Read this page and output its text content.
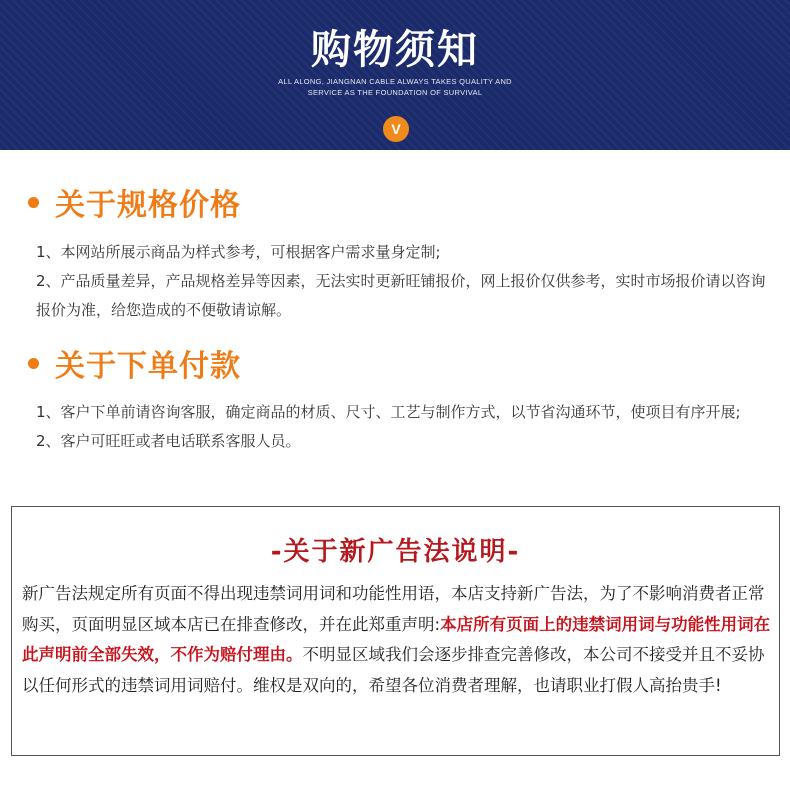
购物须知
ALL ALONG, JIANGNAN CABLE ALWAYS TAKES QUALITY AND
SERVICE AS THE FOUNDATION OF SURVIVAL
V
关于规格价格
1、本网站所展示商品为样式参考，可根据客户需求量身定制;
2、产品质量差异，产品规格差异等因素，无法实时更新旺铺报价，网上报价仅供参考，实时市场报价请以咨询报价为准，给您造成的不便敬请谅解。
关于下单付款
1、客户下单前请咨询客服，确定商品的材质、尺寸、工艺与制作方式，以节省沟通环节，使项目有序开展;
2、客户可旺旺或者电话联系客服人员。
-关于新广告法说明-
新广告法规定所有页面不得出现违禁词用词和功能性用语，本店支持新广告法，为了不影响消费者正常购买，页面明显区域本店已在排查修改，并在此郑重声明:本店所有页面上的违禁词用词与功能性用词在此声明前全部失效，不作为赔付理由。不明显区域我们会逐步排查完善修改，本公司不接受并且不妥协以任何形式的违禁词用词赔付。维权是双向的，希望各位消费者理解，也请职业打假人高抬贵手!
